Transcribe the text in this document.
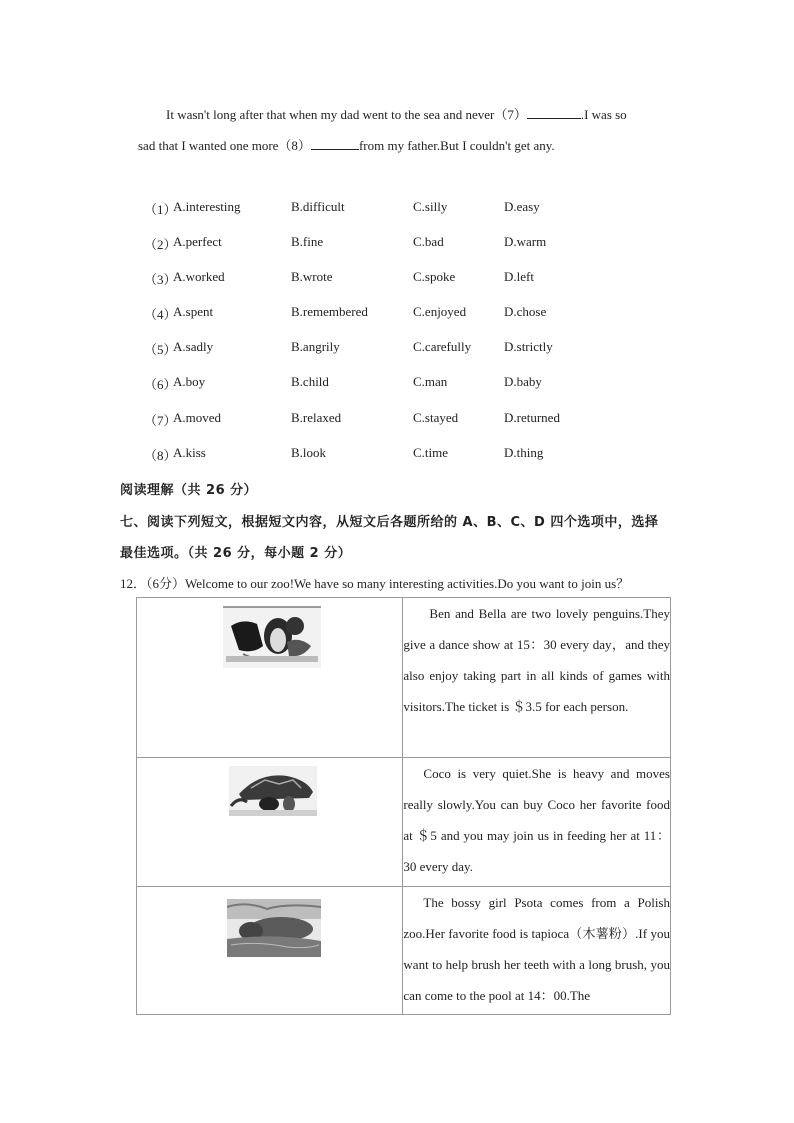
It wasn't long after that when my dad went to the sea and never（7）	.I was so
sad that I wanted one more（8）	from my father.But I couldn't get any.
（1）
A.interesting	B.difficult	C.silly	D.easy
（2）
A.perfect	B.fine	C.bad	D.warm
（3）
A.worked	B.wrote	C.spoke	D.left
（4）
A.spent	B.remembered	C.enjoyed	D.chose
（5）
A.sadly	B.angrily	C.carefully	D.strictly
（6）
A.boy	B.child	C.man	D.baby
（7）
A.moved	B.relaxed	C.stayed	D.returned
（8）
A.kiss	B.look	C.time	D.thing
阅读理解（共 26 分）
七、阅读下列短文，根据短文内容，从短文后各题所给的 A、B、C、D 四个选项中，选择
最佳选项。（共 26 分，每小题 2 分）
12．（6分）Welcome to our zoo!We have so many interesting activities.Do you want to join us？
	Ben and Bella are two lovely penguins.They give a dance show at 15：30 every day，and they also enjoy taking part in all kinds of games with visitors.The ticket is ＄3.5 for each person.

	Coco is very quiet.She is heavy and moves really slowly.You can buy Coco her favorite food at ＄5 and you may join us in feeding her at 11：30 every day.

	The bossy girl Psota comes from a Polish zoo.Her favorite food is tapioca（木薯粉）.If you want to help brush her teeth with a long brush, you can come to the pool at 14：00.The
